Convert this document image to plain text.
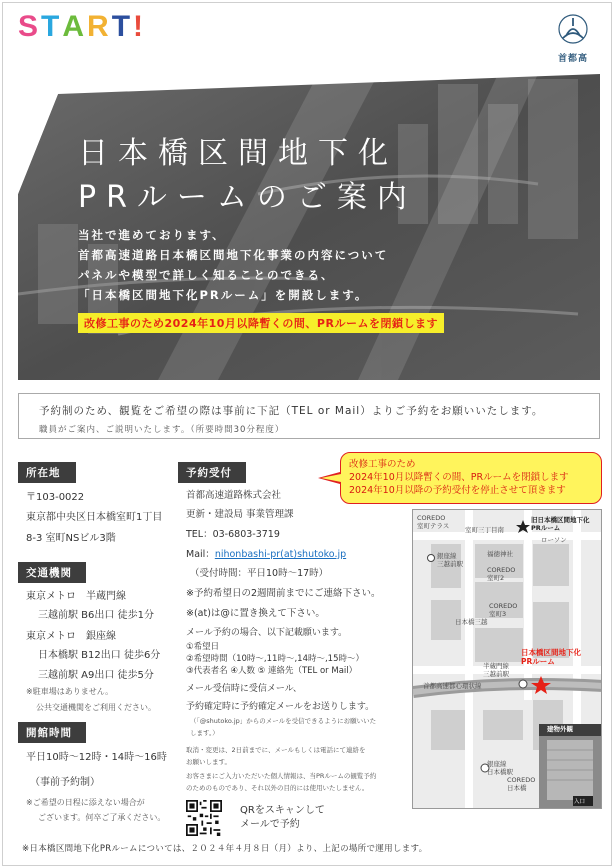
START!
首都高
日本橋区間地下化
PRルームのご案内
当社で進めております、
首都高速道路日本橋区間地下化事業の内容について
パネルや模型で詳しく知ることのできる、
「日本橋区間地下化PRルーム」を開設します。
改修工事のため2024年10月以降暫くの間、PRルームを閉鎖します
予約制のため、観覧をご希望の際は事前に下記（TEL or Mail）よりご予約をお願いいたします。
職員がご案内、ご説明いたします。（所要時間30分程度）
所在地
〒103-0022
東京都中央区日本橋室町1丁目
8-3 室町NSビル3階
交通機関
東京メトロ　半蔵門線
三越前駅 B6出口 徒歩1分
東京メトロ　銀座線
日本橋駅 B12出口 徒歩6分
三越前駅 A9出口 徒歩5分
※駐車場はありません。
公共交通機関をご利用ください。
開館時間
平日10時～12時・14時～16時
（事前予約制）
※ご希望の日程に添えない場合が
ございます。何卒ご了承ください。
予約受付
首都高速道路株式会社
更新・建設局 事業管理課
TEL：03-6803-3719
Mail：nihonbashi-pr(at)shutoko.jp
（受付時間：平日10時～17時）
※予約希望日の2週間前までにご連絡下さい。
※(at)は@に置き換えて下さい。
メール予約の場合、以下記載願います。
①希望日
②希望時間（10時～,11時～,14時～,15時～）
③代表者名 ④人数 ⑤ 連絡先（TEL or Mail）
メール受信時に受信メール、
予約確定時に予約確定メールをお送りします。
（「@shutoko.jp」からのメールを受信できるようにお願いいた
します。）
取消・変更は、2日前までに、メールもしくは電話にて連絡を
お願いします。
お客さまにご入力いただいた個人情報は、当PRルームの観覧予約
のためのものであり、それ以外の目的には使用いたしません。
QRをスキャンして
メールで予約
改修工事のため
2024年10月以降暫くの間、PRルームを閉鎖します
2024年10月以降の予約受付を停止させて頂きます
COREDO
室町テラス 室町三丁目南
旧日本橋区間地下化
PRルーム
ローソン
銀座線
三越前駅
福徳神社
COREDO
室町2
COREDO
室町3
日本橋三越
半蔵門線
三越前駅
日本橋区間地下化
PRルーム
首都高速都心環状線
建物外観
入口
銀座線
日本橋駅
COREDO
日本橋
※日本橋区間地下化PRルームについては、２０２４年４月８日（月）より、上記の場所で運用します。
